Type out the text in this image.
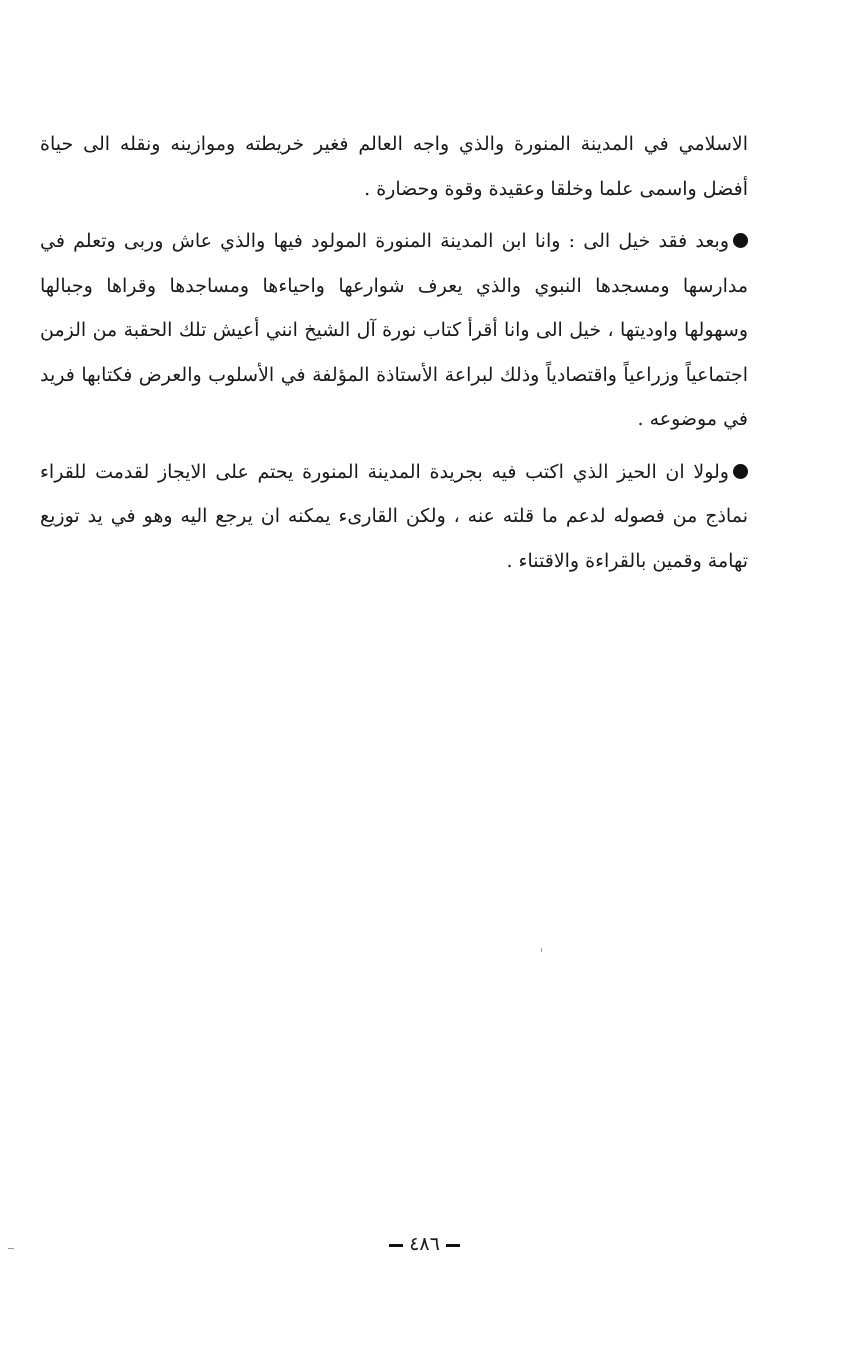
الاسلامي في المدينة المنورة والذي واجه العالم فغير خريطته وموازينه ونقله الى حياة أفضل واسمى علما وخلقا وعقيدة وقوة وحضارة .

وبعد فقد خيل الى : وانا ابن المدينة المنورة المولود فيها والذي عاش وربى وتعلم في مدارسها ومسجدها النبوي والذي يعرف شوارعها واحياءها ومساجدها وقراها وجبالها وسهولها واوديتها ، خيل الى وانا أقرأ كتاب نورة آل الشيخ انني أعيش تلك الحقبة من الزمن اجتماعياً وزراعياً واقتصادياً وذلك لبراعة الأستاذة المؤلفة في الأسلوب والعرض فكتابها فريد في موضوعه .

ولولا ان الحيز الذي اكتب فيه بجريدة المدينة المنورة يحتم على الايجاز لقدمت للقراء نماذج من فصوله لدعم ما قلته عنه ، ولكن القارىء يمكنه ان يرجع اليه وهو في يد توزيع تهامة وقمين بالقراءة والاقتناء .

٤٨٦
